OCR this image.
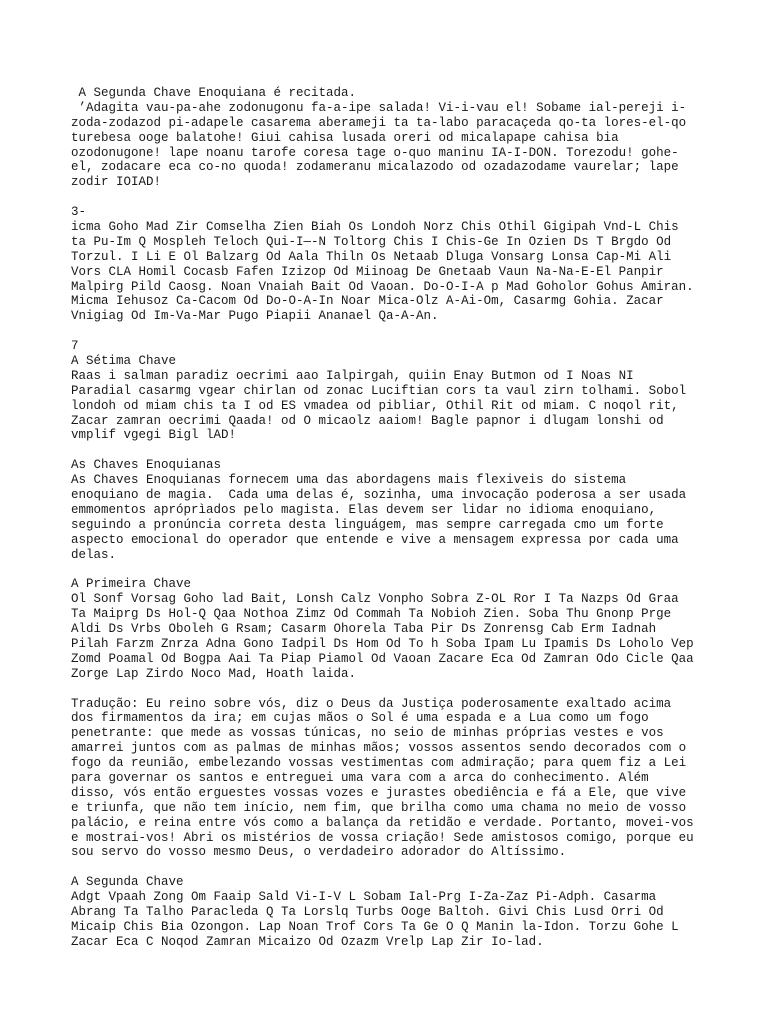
A Segunda Chave Enoquiana é recitada.
’Adagita vau-pa-ahe zodonugonu fa-a-ipe salada! Vi-i-vau el! Sobame ial-pereji i-
zoda-zodazod pi-adapele casarema aberameji ta ta-labo paracaçeda qo-ta lores-el-qo
turebesa ooge balatohe! Giui cahisa lusada oreri od micalapape cahisa bia
ozodonugone! lape noanu tarofe coresa tage o-quo maninu IA-I-DON. Torezodu! gohe-
el, zodacare eca co-no quoda! zodameranu micalazodo od ozadazodame vaurelar; lape
zodir IOIAD!
3-
icma Goho Mad Zir Comselha Zien Biah Os Londoh Norz Chis Othil Gigipah Vnd-L Chis
ta Pu-Im Q Mospleh Teloch Qui-I—-N Toltorg Chis I Chis-Ge In Ozien Ds T Brgdo Od
Torzul. I Li E Ol Balzarg Od Aala Thiln Os Netaab Dluga Vonsarg Lonsa Cap-Mi Ali
Vors CLA Homil Cocasb Fafen Izizop Od Miinoag De Gnetaab Vaun Na-Na-E-El Panpir
Malpirg Pild Caosg. Noan Vnaiah Bait Od Vaoan. Do-O-I-A p Mad Goholor Gohus Amiran.
Micma Iehusoz Ca-Cacom Od Do-O-A-In Noar Mica-Olz A-Ai-Om, Casarmg Gohia. Zacar
Vnigiag Od Im-Va-Mar Pugo Piapii Ananael Qa-A-An.
7
A Sétima Chave
Raas i salman paradiz oecrimi aao Ialpirgah, quiin Enay Butmon od I Noas NI
Paradial casarmg vgear chirlan od zonac Luciftian cors ta vaul zirn tolhami. Sobol
londoh od miam chis ta I od ES vmadea od pibliar, Othil Rit od miam. C noqol rit,
Zacar zamran oecrimi Qaada! od O micaolz aaiom! Bagle papnor i dlugam lonshi od
vmplif vgegi Bigl lAD!
As Chaves Enoquianas
As Chaves Enoquianas fornecem uma das abordagens mais flexiveis do sistema
enoquiano de magia.  Cada uma delas é, sozinha, uma invocação poderosa a ser usada
emmomentos apróprìados pelo magista. Elas devem ser lidar no idioma enoquiano,
seguindo a pronúncia correta desta linguágem, mas sempre carregada cmo um forte
aspecto emocional do operador que entende e vive a mensagem expressa por cada uma
delas.
A Primeira Chave
Ol Sonf Vorsag Goho lad Bait, Lonsh Calz Vonpho Sobra Z-OL Ror I Ta Nazps Od Graa
Ta Maiprg Ds Hol-Q Qaa Nothoa Zimz Od Commah Ta Nobioh Zien. Soba Thu Gnonp Prge
Aldi Ds Vrbs Oboleh G Rsam; Casarm Ohorela Taba Pir Ds Zonrensg Cab Erm Iadnah
Pilah Farzm Znrza Adna Gono Iadpil Ds Hom Od To h Soba Ipam Lu Ipamis Ds Loholo Vep
Zomd Poamal Od Bogpa Aai Ta Piap Piamol Od Vaoan Zacare Eca Od Zamran Odo Cicle Qaa
Zorge Lap Zirdo Noco Mad, Hoath laida.
Tradução: Eu reino sobre vós, diz o Deus da Justiça poderosamente exaltado acima
dos firmamentos da ira; em cujas mãos o Sol é uma espada e a Lua como um fogo
penetrante: que mede as vossas túnicas, no seio de minhas próprias vestes e vos
amarrei juntos com as palmas de minhas mãos; vossos assentos sendo decorados com o
fogo da reunião, embelezando vossas vestimentas com admiração; para quem fiz a Lei
para governar os santos e entreguei uma vara com a arca do conhecimento. Além
disso, vós então erguestes vossas vozes e jurastes obediência e fá a Ele, que vive
e triunfa, que não tem início, nem fim, que brilha como uma chama no meio de vosso
palácio, e reina entre vós como a balança da retidão e verdade. Portanto, movei-vos
e mostrai-vos! Abri os mistérios de vossa criação! Sede amistosos comigo, porque eu
sou servo do vosso mesmo Deus, o verdadeiro adorador do Altíssimo.
A Segunda Chave
Adgt Vpaah Zong Om Faaip Sald Vi-I-V L Sobam Ial-Prg I-Za-Zaz Pi-Adph. Casarma
Abrang Ta Talho Paracleda Q Ta Lorslq Turbs Ooge Baltoh. Givi Chis Lusd Orri Od
Micaip Chis Bia Ozongon. Lap Noan Trof Cors Ta Ge O Q Manin la-Idon. Torzu Gohe L
Zacar Eca C Noqod Zamran Micaizo Od Ozazm Vrelp Lap Zir Io-lad.
